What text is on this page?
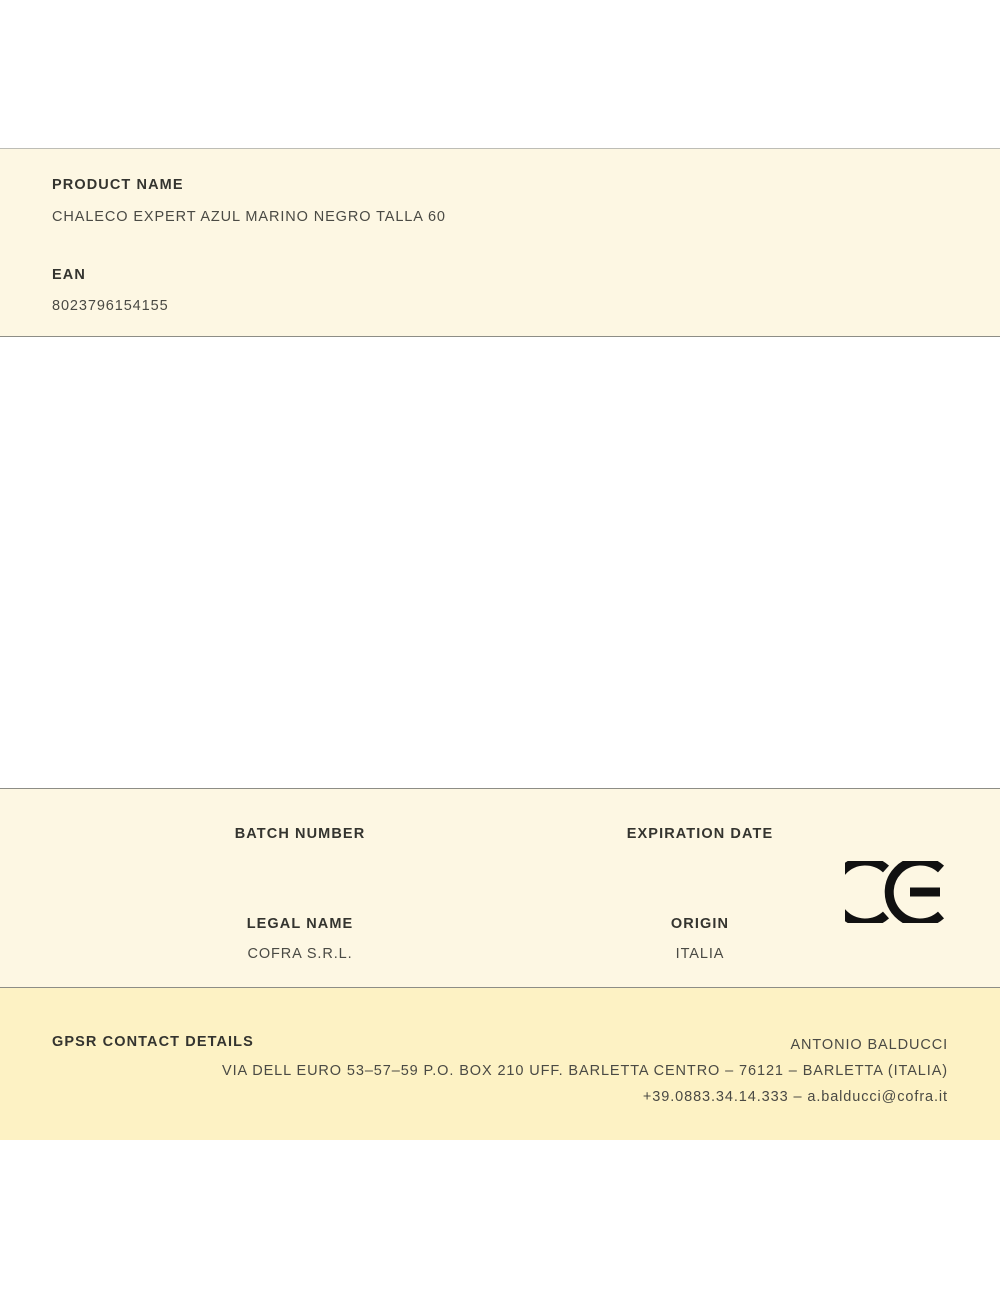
PRODUCT NAME
CHALECO EXPERT AZUL MARINO NEGRO TALLA 60
EAN
8023796154155
BATCH NUMBER	EXPIRATION DATE
LEGAL NAME
COFRA S.R.L.
ORIGIN
ITALIA
GPSR CONTACT DETAILS	ANTONIO BALDUCCI
VIA DELL EURO 53–57–59 P.O. BOX 210 UFF. BARLETTA CENTRO – 76121 – BARLETTA (ITALIA)
+39.0883.34.14.333 – a.balducci@cofra.it
